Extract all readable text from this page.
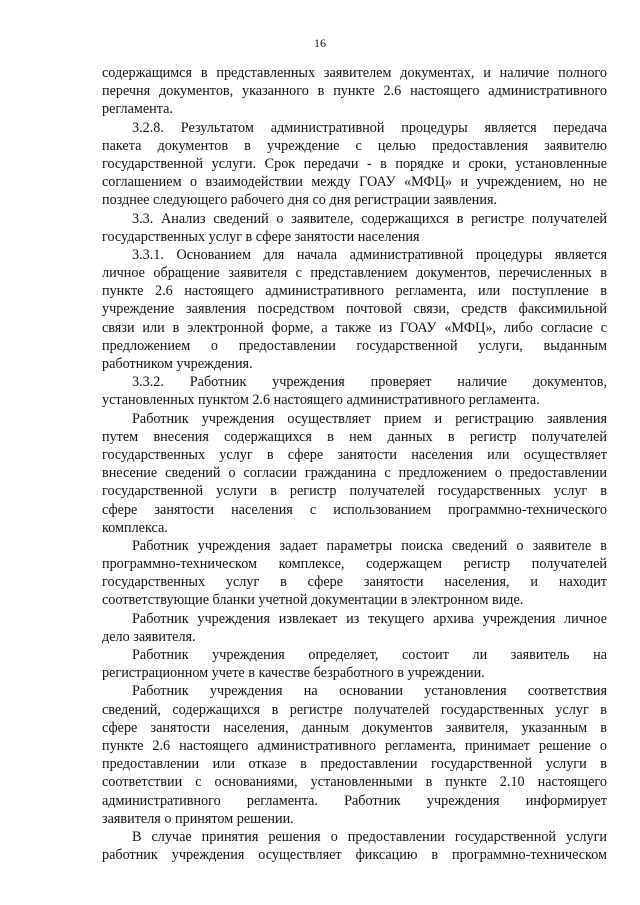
16
содержащимся в представленных заявителем документах, и наличие полного
перечня документов, указанного в пункте 2.6 настоящего административного
регламента.
3.2.8. Результатом административной процедуры является передача
пакета документов в учреждение с целью предоставления заявителю
государственной услуги. Срок передачи - в порядке и сроки, установленные
соглашением о взаимодействии между ГОАУ «МФЦ» и учреждением, но не
позднее следующего рабочего дня со дня регистрации заявления.
3.3. Анализ сведений о заявителе, содержащихся в регистре получателей
государственных услуг в сфере занятости населения
3.3.1. Основанием для начала административной процедуры является
личное обращение заявителя с представлением документов, перечисленных в
пункте 2.6 настоящего административного регламента, или поступление в
учреждение заявления посредством почтовой связи, средств факсимильной
связи или в электронной форме, а также из ГОАУ «МФЦ», либо согласие с
предложением о предоставлении государственной услуги, выданным
работником учреждения.
3.3.2. Работник учреждения проверяет наличие документов,
установленных пунктом 2.6 настоящего административного регламента.
Работник учреждения осуществляет прием и регистрацию заявления
путем внесения содержащихся в нем данных в регистр получателей
государственных услуг в сфере занятости населения или осуществляет
внесение сведений о согласии гражданина с предложением о предоставлении
государственной услуги в регистр получателей государственных услуг в
сфере занятости населения с использованием программно-технического
комплекса.
Работник учреждения задает параметры поиска сведений о заявителе в
программно-техническом комплексе, содержащем регистр получателей
государственных услуг в сфере занятости населения, и находит
соответствующие бланки учетной документации в электронном виде.
Работник учреждения извлекает из текущего архива учреждения личное
дело заявителя.
Работник учреждения определяет, состоит ли заявитель на
регистрационном учете в качестве безработного в учреждении.
Работник учреждения на основании установления соответствия
сведений, содержащихся в регистре получателей государственных услуг в
сфере занятости населения, данным документов заявителя, указанным в
пункте 2.6 настоящего административного регламента, принимает решение о
предоставлении или отказе в предоставлении государственной услуги в
соответствии с основаниями, установленными в пункте 2.10 настоящего
административного регламента. Работник учреждения информирует
заявителя о принятом решении.
В случае принятия решения о предоставлении государственной услуги
работник учреждения осуществляет фиксацию в программно-техническом
